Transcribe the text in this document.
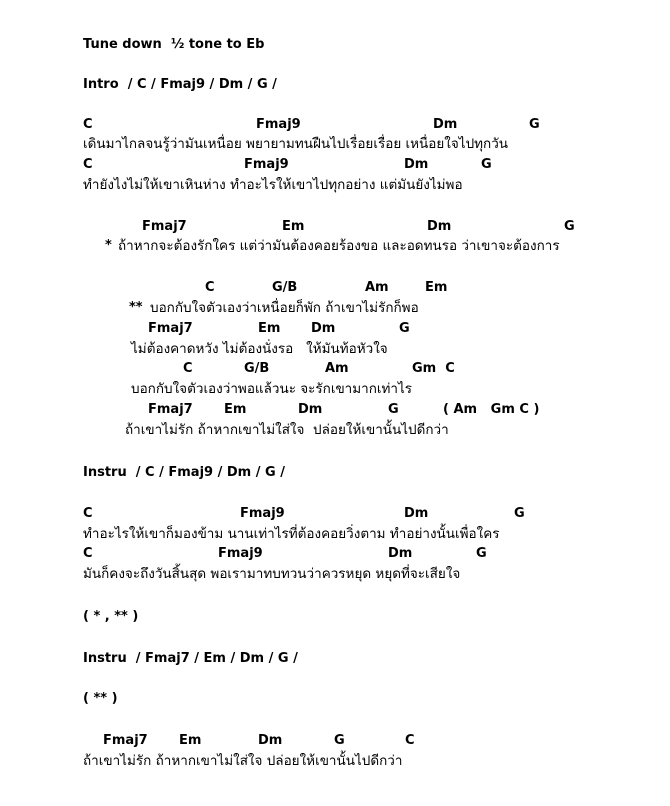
Tune down  ½ tone to Eb
Intro  / C / Fmaj9 / Dm / G /
C	Fmaj9	Dm	G
เดินมาไกลจนรู้ว่ามันเหนื่อย พยายามทนฝืนไปเรื่อยเรื่อย เหนื่อยใจไปทุกวัน
C	Fmaj9	Dm	G
ทำยังไงไม่ให้เขาเหินห่าง ทำอะไรให้เขาไปทุกอย่าง แต่มันยังไม่พอ
Fmaj7	Em	Dm	G
* ถ้าหากจะต้องรักใคร แต่ว่ามันต้องคอยร้องขอ และอดทนรอ ว่าเขาจะต้องการ
C	G/B	Am	Em
** บอกกับใจตัวเองว่าเหนื่อยก็พัก ถ้าเขาไม่รักก็พอ
Fmaj7	Em Dm	G
ไม่ต้องคาดหวัง ไม่ต้องนั่งรอ   ให้มันท้อหัวใจ
C	G/B	Am	Gm  C
บอกกับใจตัวเองว่าพอแล้วนะ จะรักเขามากเท่าไร
Fmaj7 Em	Dm	G	( Am   Gm C )
ถ้าเขาไม่รัก ถ้าหากเขาไม่ใส่ใจ  ปล่อยให้เขานั้นไปดีกว่า
Instru  / C / Fmaj9 / Dm / G /
C	Fmaj9	Dm	G
ทำอะไรให้เขาก็มองข้าม นานเท่าไรที่ต้องคอยวิ่งตาม ทำอย่างนั้นเพื่อใคร
C	Fmaj9	Dm	G
มันก็คงจะถึงวันสิ้นสุด พอเรามาทบทวนว่าควรหยุด หยุดที่จะเสียใจ
( * , ** )
Instru  / Fmaj7 / Em / Dm / G /
( ** )
Fmaj7 Em	Dm	G	C
ถ้าเขาไม่รัก ถ้าหากเขาไม่ใส่ใจ ปล่อยให้เขานั้นไปดีกว่า
